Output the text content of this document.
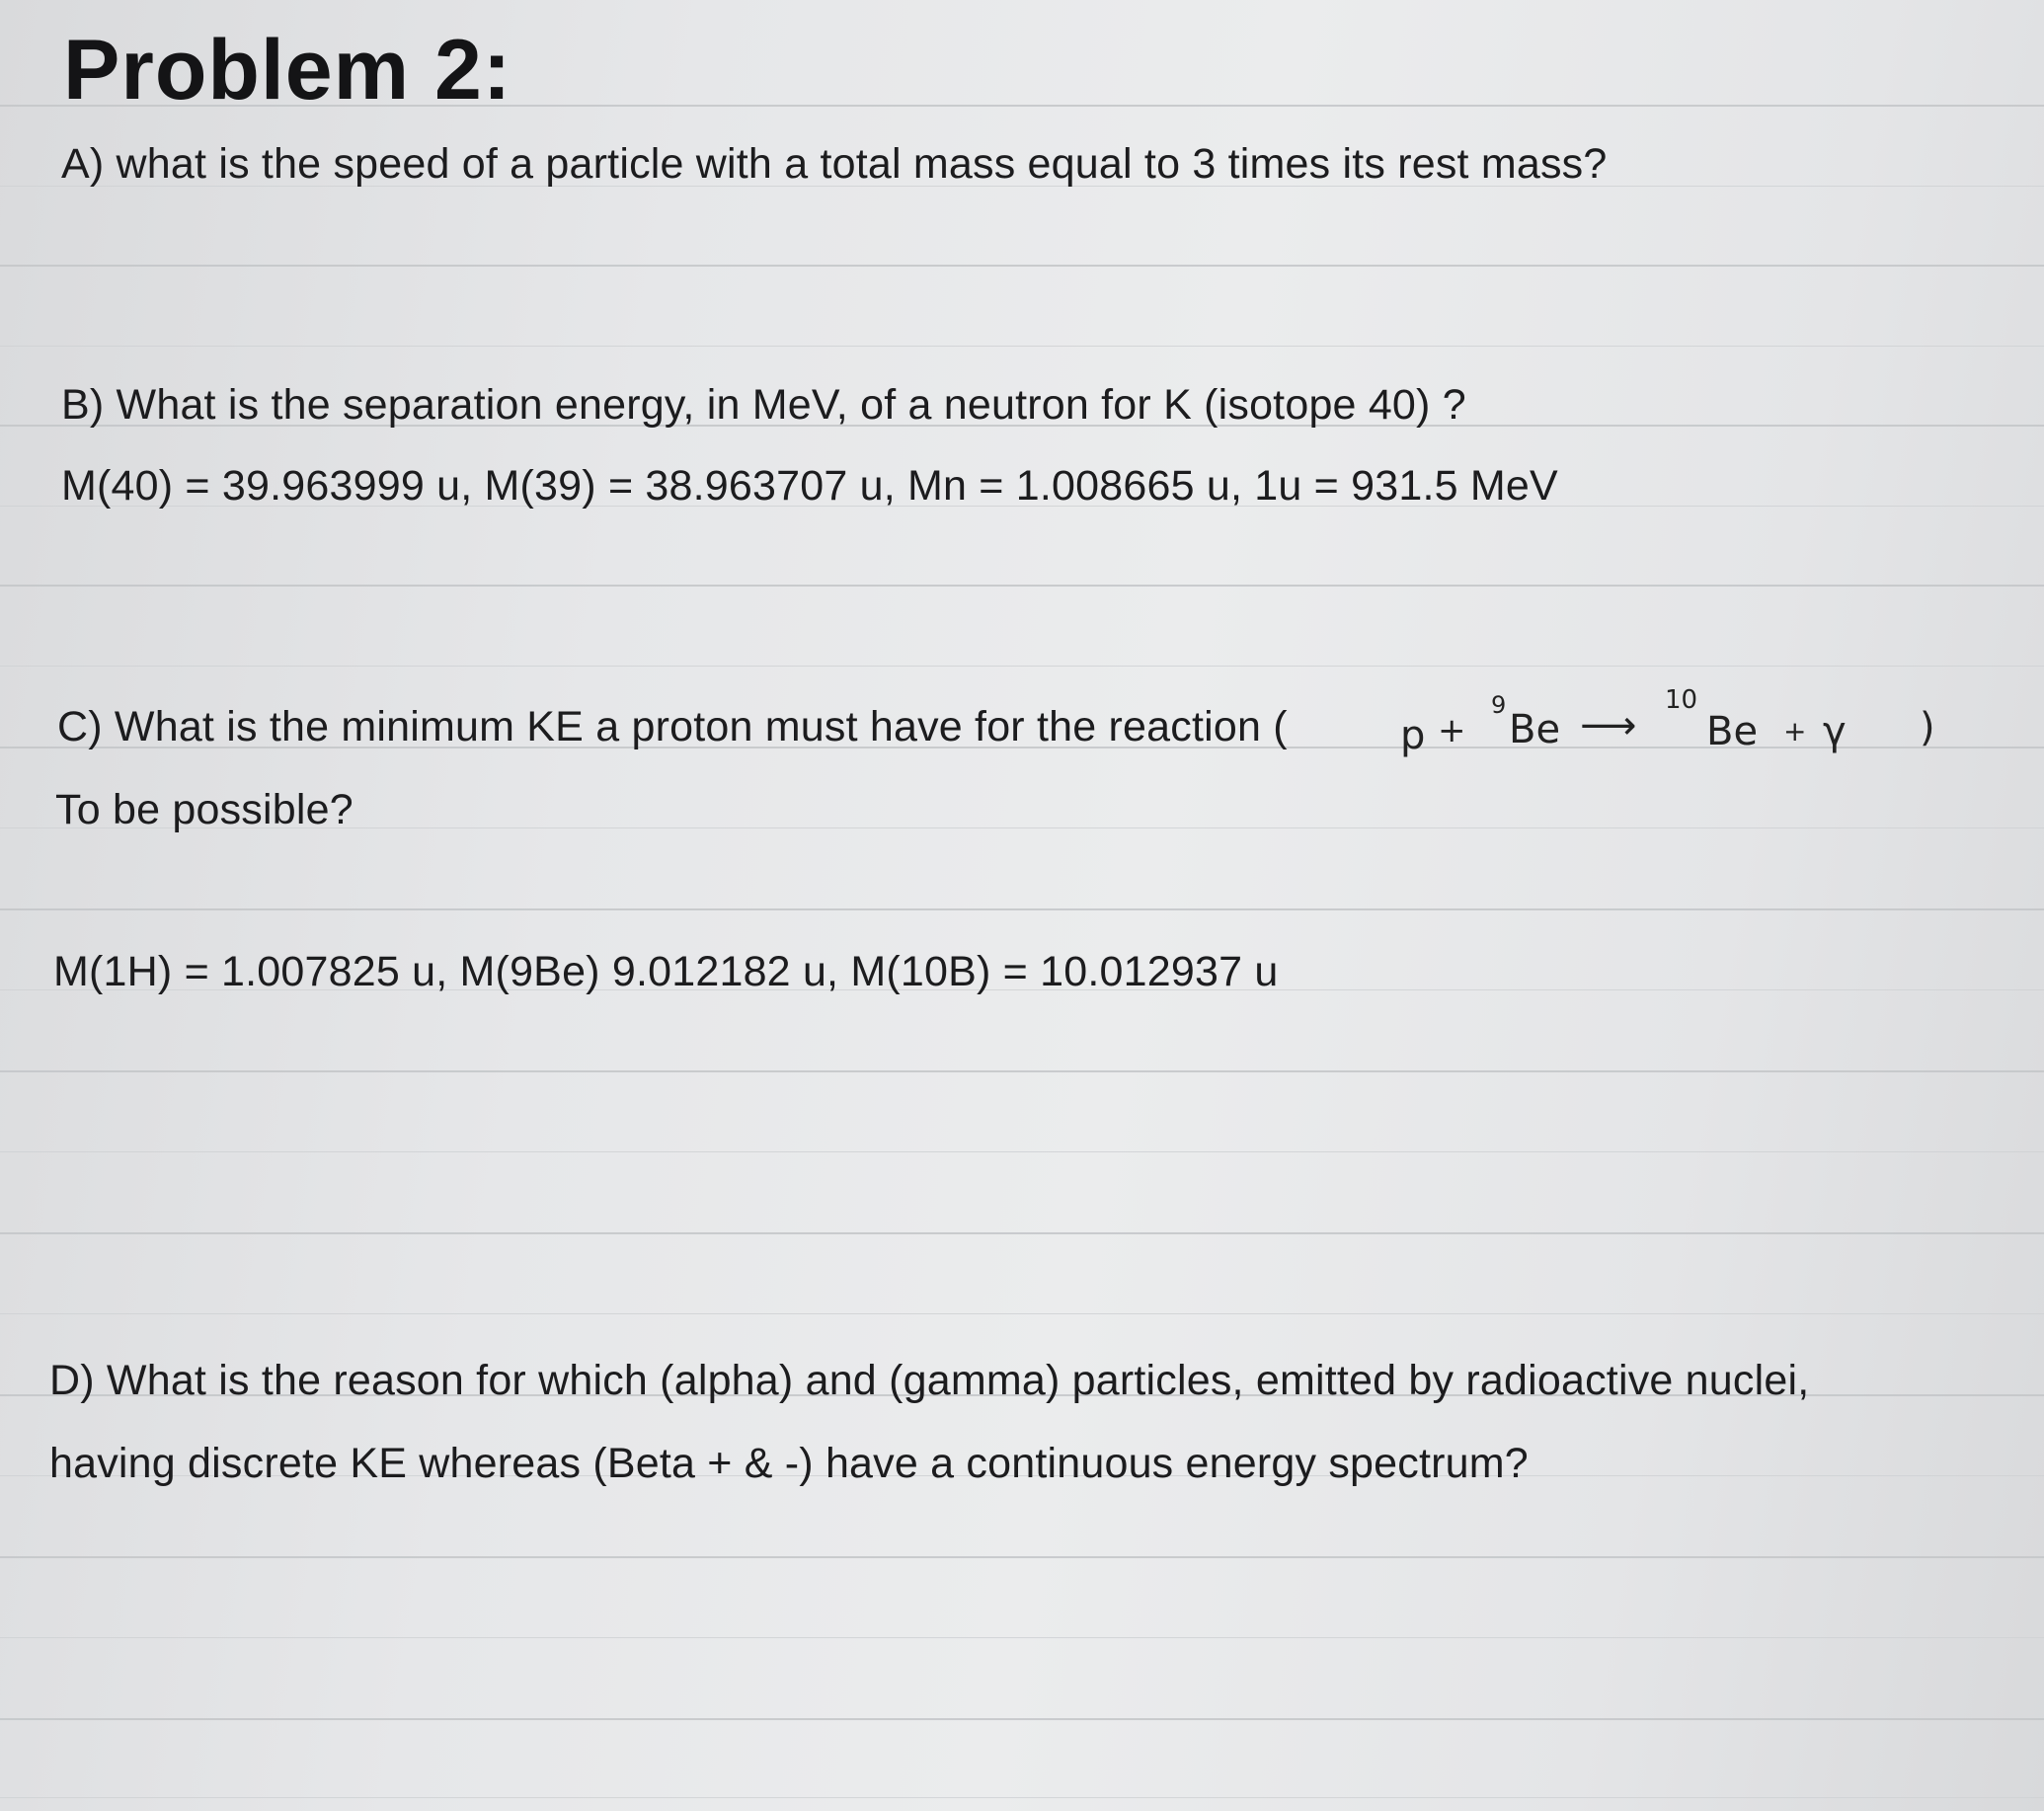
Problem 2:
A) what is the speed of a particle with a total mass equal to 3 times its rest mass?
B) What is the separation energy, in MeV, of a neutron for K (isotope 40) ?
M(40) = 39.963999 u, M(39) = 38.963707 u, Mn = 1.008665 u, 1u = 931.5 MeV
C) What is the minimum KE a proton must have for the reaction (	p +
9
Be ⟶
10
Be + γ )
To be possible?
M(1H) = 1.007825 u, M(9Be) 9.012182 u, M(10B) = 10.012937 u
D) What is the reason for which (alpha) and (gamma) particles, emitted by radioactive nuclei,
having discrete KE whereas (Beta + & -) have a continuous energy spectrum?
